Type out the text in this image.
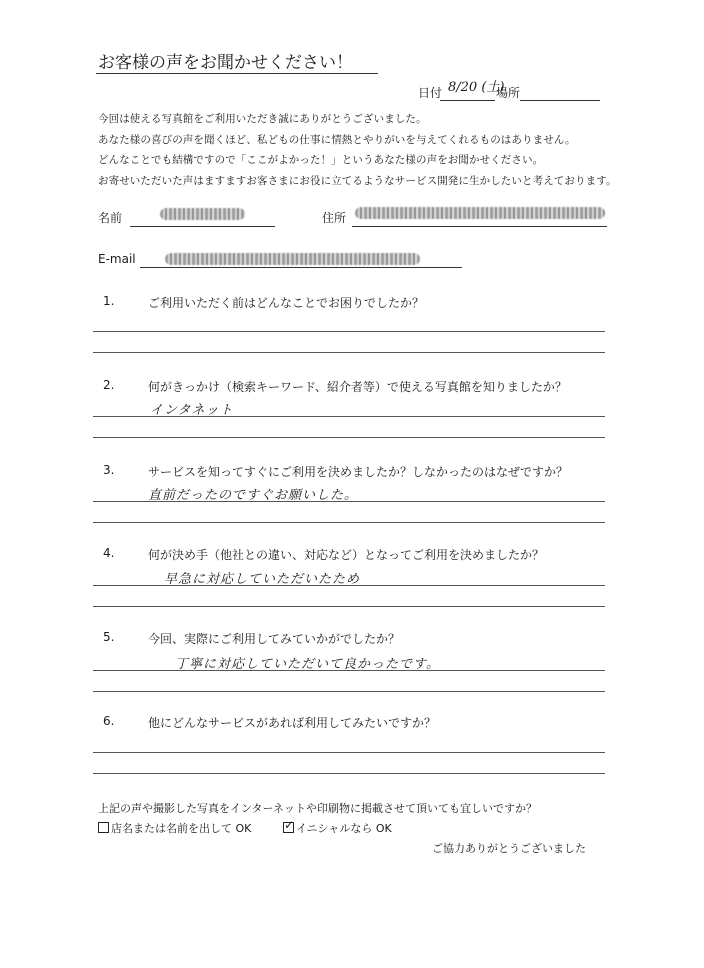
お客様の声をお聞かせください！
日付 8/20 (土)
場所
今回は使える写真館をご利用いただき誠にありがとうございました。
あなた様の喜びの声を聞くほど、私どもの仕事に情熱とやりがいを与えてくれるものはありません。
どんなことでも結構ですので「ここがよかった！」というあなた様の声をお聞かせください。
お寄せいただいた声はますますお客さまにお役に立てるようなサービス開発に生かしたいと考えております。
名前	住所
E-mail
1.	ご利用いただく前はどんなことでお困りでしたか？
2.	何がきっかけ（検索キーワード、紹介者等）で使える写真館を知りましたか？
インタネット
3.	サービスを知ってすぐにご利用を決めましたか？しなかったのはなぜですか？
直前だったのですぐお願いした。
4.	何が決め手（他社との違い、対応など）となってご利用を決めましたか？
早急に対応していただいたため
5.	今回、実際にご利用してみていかがでしたか？
丁寧に対応していただいて良かったです。
6.	他にどんなサービスがあれば利用してみたいですか？
上記の声や撮影した写真をインターネットや印刷物に掲載させて頂いても宜しいですか？
店名または名前を出して OK
✓	イニシャルなら OK
ご協力ありがとうございました
